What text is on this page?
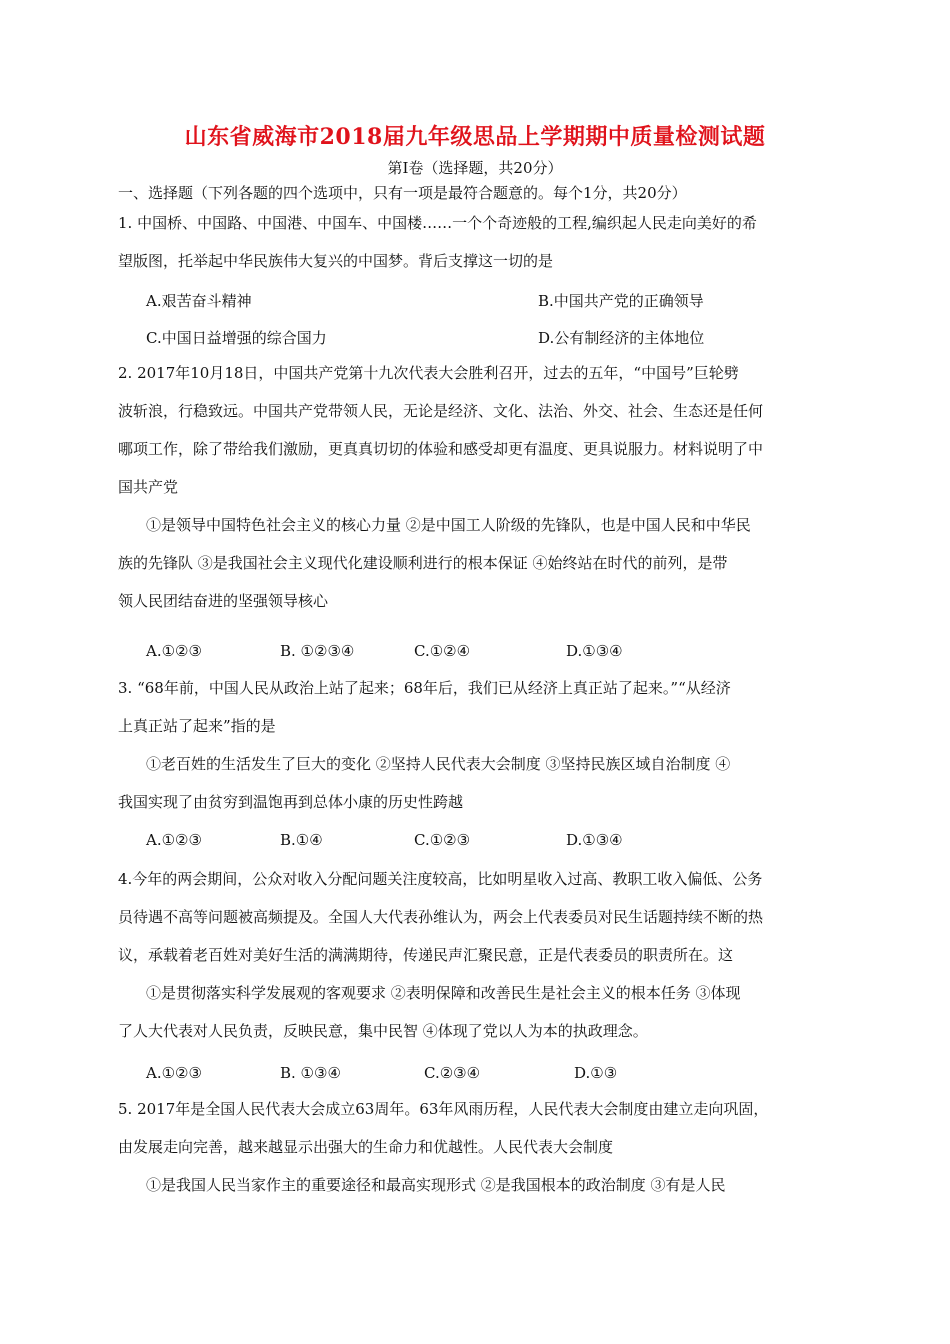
山东省威海市2018届九年级思品上学期期中质量检测试题
第Ⅰ卷（选择题，共20分）
一、选择题（下列各题的四个选项中，只有一项是最符合题意的。每个1分，共20分）
1. 中国桥、中国路、中国港、中国车、中国楼……一个个奇迹般的工程,编织起人民走向美好的希
望版图，托举起中华民族伟大复兴的中国梦。背后支撑这一切的是
A.艰苦奋斗精神	B.中国共产党的正确领导
C.中国日益增强的综合国力	D.公有制经济的主体地位
2. 2017年10月18日，中国共产党第十九次代表大会胜利召开，过去的五年，“中国号”巨轮劈
波斩浪，行稳致远。中国共产党带领人民，无论是经济、文化、法治、外交、社会、生态还是任何
哪项工作，除了带给我们激励，更真真切切的体验和感受却更有温度、更具说服力。材料说明了中
国共产党
①是领导中国特色社会主义的核心力量 ②是中国工人阶级的先锋队，也是中国人民和中华民
族的先锋队 ③是我国社会主义现代化建设顺利进行的根本保证 ④始终站在时代的前列，是带
领人民团结奋进的坚强领导核心
A.①②③	B. ①②③④	C.①②④	D.①③④
3. “68年前，中国人民从政治上站了起来；68年后，我们已从经济上真正站了起来。”“从经济
上真正站了起来”指的是
①老百姓的生活发生了巨大的变化 ②坚持人民代表大会制度 ③坚持民族区域自治制度 ④
我国实现了由贫穷到温饱再到总体小康的历史性跨越
A.①②③	B.①④	C.①②③	D.①③④
4.今年的两会期间，公众对收入分配问题关注度较高，比如明星收入过高、教职工收入偏低、公务
员待遇不高等问题被高频提及。全国人大代表孙维认为，两会上代表委员对民生话题持续不断的热
议，承载着老百姓对美好生活的满满期待，传递民声汇聚民意，正是代表委员的职责所在。这
①是贯彻落实科学发展观的客观要求 ②表明保障和改善民生是社会主义的根本任务 ③体现
了人大代表对人民负责，反映民意，集中民智 ④体现了党以人为本的执政理念。
A.①②③	B. ①③④	C.②③④	D.①③
5. 2017年是全国人民代表大会成立63周年。63年风雨历程，人民代表大会制度由建立走向巩固，
由发展走向完善，越来越显示出强大的生命力和优越性。人民代表大会制度
①是我国人民当家作主的重要途径和最高实现形式 ②是我国根本的政治制度 ③有是人民
